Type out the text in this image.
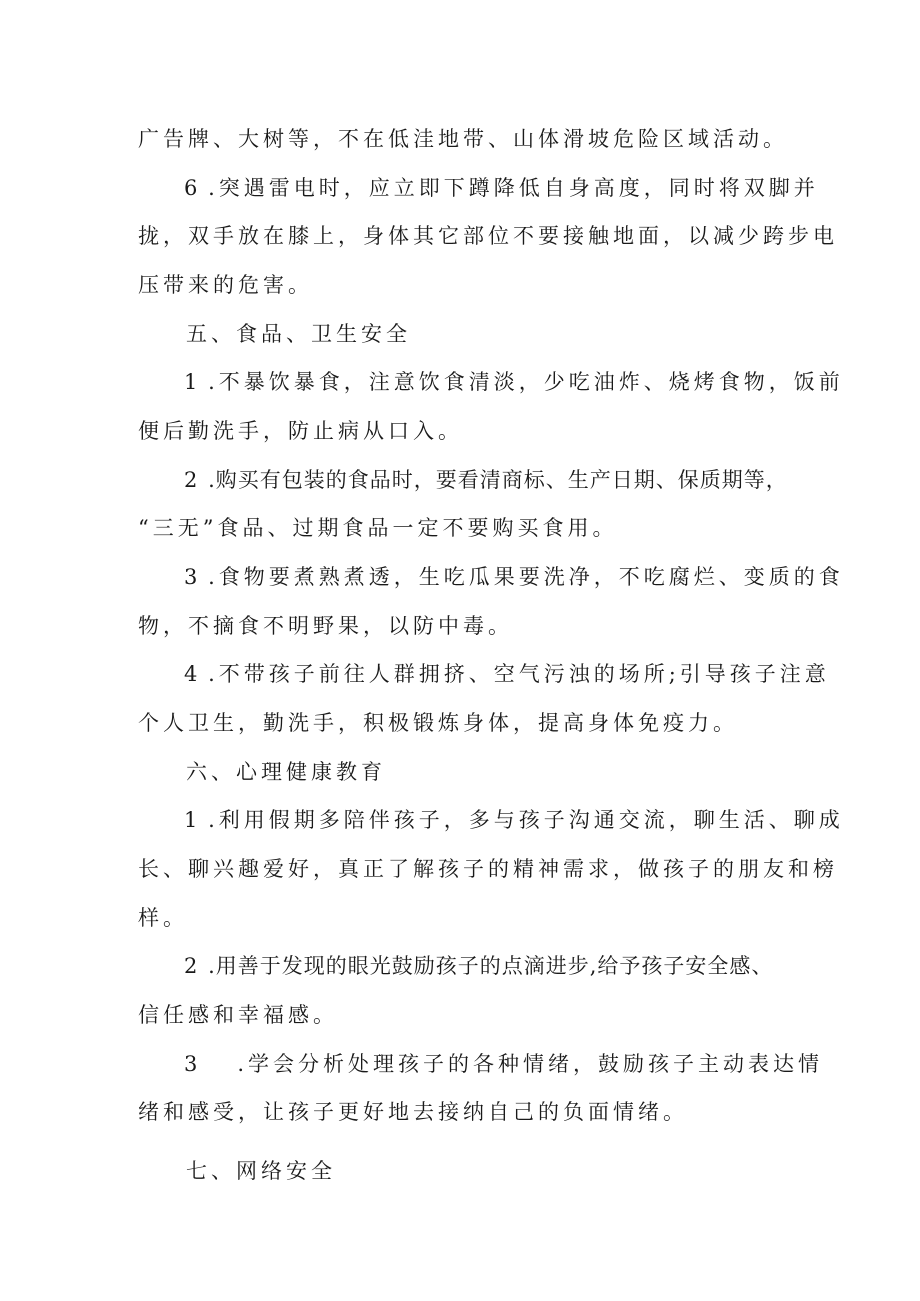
广告牌、大树等，不在低洼地带、山体滑坡危险区域活动。
6 .突遇雷电时，应立即下蹲降低自身高度，同时将双脚并
拢，双手放在膝上，身体其它部位不要接触地面，以减少跨步电
压带来的危害。
五、食品、卫生安全
1 .不暴饮暴食，注意饮食清淡，少吃油炸、烧烤食物，饭前
便后勤洗手，防止病从口入。
2 .购买有包装的食品时，要看清商标、生产日期、保质期等，
“三无”食品、过期食品一定不要购买食用。
3 .食物要煮熟煮透，生吃瓜果要洗净，不吃腐烂、变质的食
物，不摘食不明野果，以防中毒。
4 .不带孩子前往人群拥挤、空气污浊的场所;引导孩子注意
个人卫生，勤洗手，积极锻炼身体，提高身体免疫力。
六、心理健康教育
1 .利用假期多陪伴孩子，多与孩子沟通交流，聊生活、聊成
长、聊兴趣爱好，真正了解孩子的精神需求，做孩子的朋友和榜
样。
2 .用善于发现的眼光鼓励孩子的点滴进步,给予孩子安全感、
信任感和幸福感。
3 .学会分析处理孩子的各种情绪，鼓励孩子主动表达情
绪和感受，让孩子更好地去接纳自己的负面情绪。
七、网络安全
